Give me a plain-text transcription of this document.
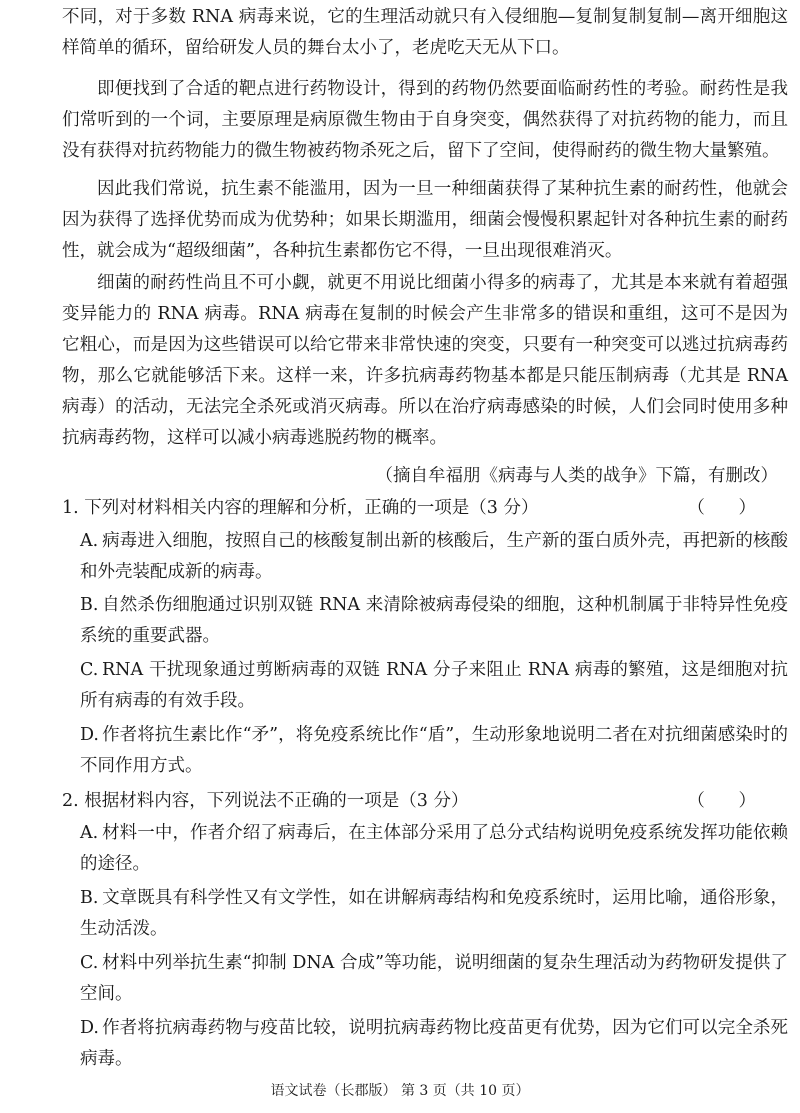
不同，对于多数 RNA 病毒来说，它的生理活动就只有入侵细胞—复制复制复制—离开细胞这样简单的循环，留给研发人员的舞台太小了，老虎吃天无从下口。

即便找到了合适的靶点进行药物设计，得到的药物仍然要面临耐药性的考验。耐药性是我们常听到的一个词，主要原理是病原微生物由于自身突变，偶然获得了对抗药物的能力，而且没有获得对抗药物能力的微生物被药物杀死之后，留下了空间，使得耐药的微生物大量繁殖。

因此我们常说，抗生素不能滥用，因为一旦一种细菌获得了某种抗生素的耐药性，他就会因为获得了选择优势而成为优势种；如果长期滥用，细菌会慢慢积累起针对各种抗生素的耐药性，就会成为“超级细菌”，各种抗生素都伤它不得，一旦出现很难消灭。

细菌的耐药性尚且不可小觑，就更不用说比细菌小得多的病毒了，尤其是本来就有着超强变异能力的 RNA 病毒。RNA 病毒在复制的时候会产生非常多的错误和重组，这可不是因为它粗心，而是因为这些错误可以给它带来非常快速的突变，只要有一种突变可以逃过抗病毒药物，那么它就能够活下来。这样一来，许多抗病毒药物基本都是只能压制病毒（尤其是 RNA 病毒）的活动，无法完全杀死或消灭病毒。所以在治疗病毒感染的时候，人们会同时使用多种抗病毒药物，这样可以减小病毒逃脱药物的概率。

（摘自牟福朋《病毒与人类的战争》下篇，有删改）
1. 下列对材料相关内容的理解和分析，正确的一项是（3 分）	（ ）
A. 病毒进入细胞，按照自己的核酸复制出新的核酸后，生产新的蛋白质外壳，再把新的核酸和外壳装配成新的病毒。
B. 自然杀伤细胞通过识别双链 RNA 来清除被病毒侵染的细胞，这种机制属于非特异性免疫系统的重要武器。
C. RNA 干扰现象通过剪断病毒的双链 RNA 分子来阻止 RNA 病毒的繁殖，这是细胞对抗所有病毒的有效手段。
D. 作者将抗生素比作“矛”，将免疫系统比作“盾”，生动形象地说明二者在对抗细菌感染时的不同作用方式。
2. 根据材料内容，下列说法不正确的一项是（3 分）	（ ）
A. 材料一中，作者介绍了病毒后，在主体部分采用了总分式结构说明免疫系统发挥功能依赖的途径。
B. 文章既具有科学性又有文学性，如在讲解病毒结构和免疫系统时，运用比喻，通俗形象，生动活泼。
C. 材料中列举抗生素“抑制 DNA 合成”等功能，说明细菌的复杂生理活动为药物研发提供了空间。
D. 作者将抗病毒药物与疫苗比较，说明抗病毒药物比疫苗更有优势，因为它们可以完全杀死病毒。
语文试卷（长郡版） 第 3 页（共 10 页）
